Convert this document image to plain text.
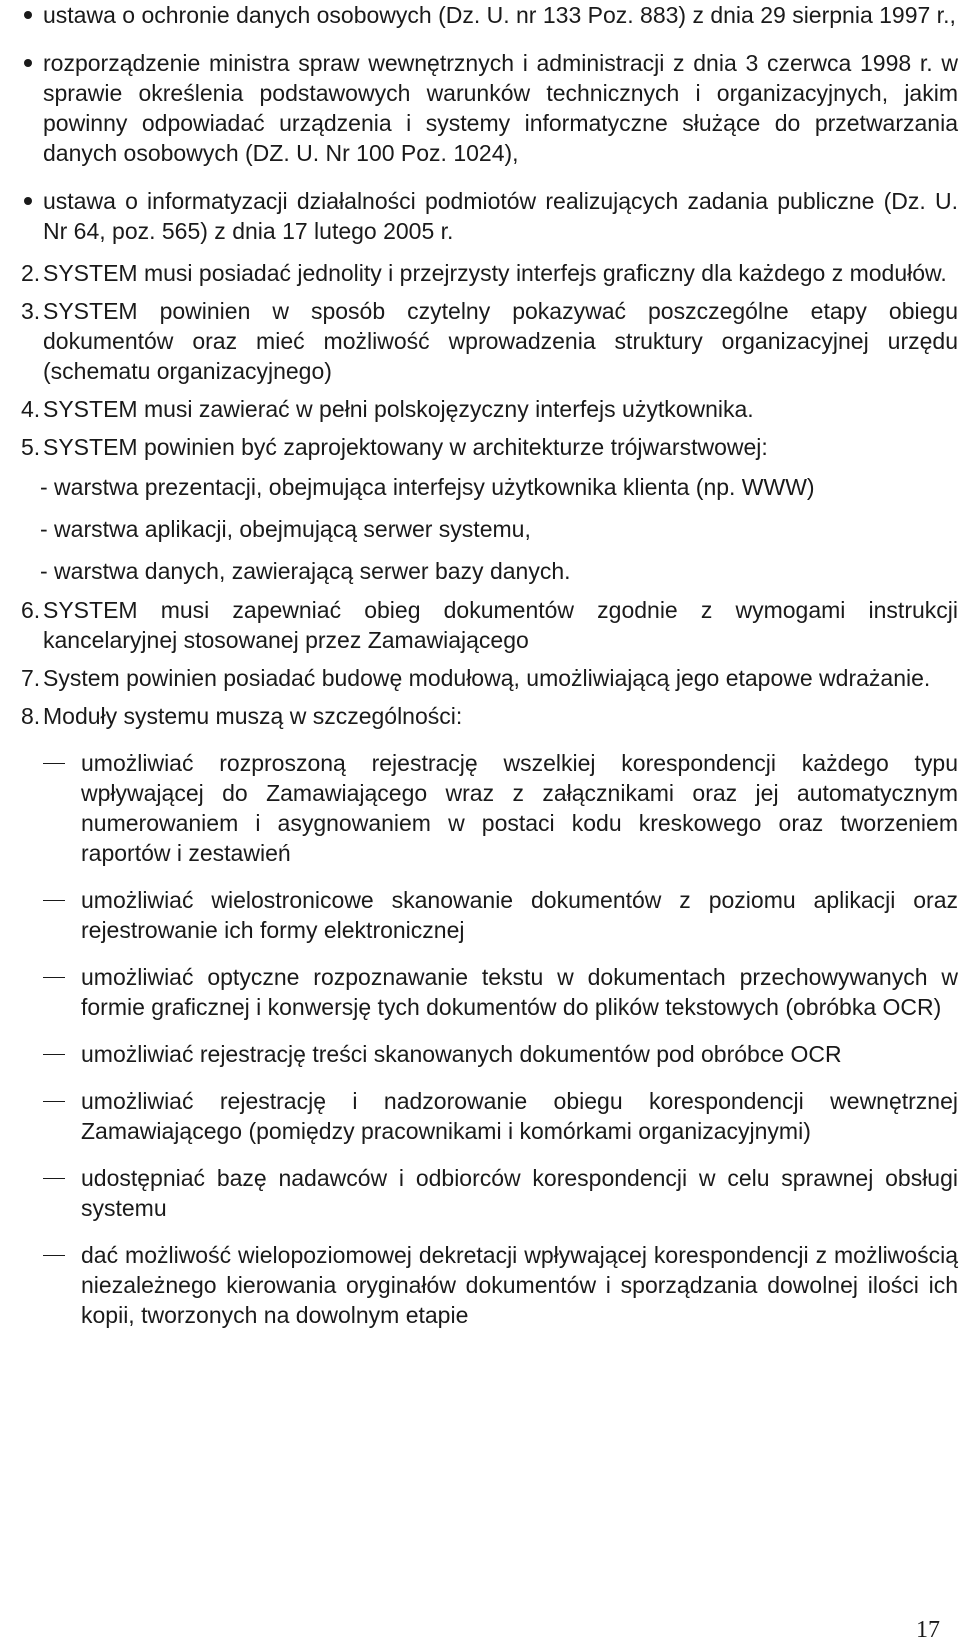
ustawa o ochronie danych osobowych (Dz. U. nr 133 Poz. 883) z dnia 29 sierpnia 1997 r.,

rozporządzenie ministra spraw wewnętrznych i administracji z dnia 3 czerwca 1998 r. w sprawie określenia podstawowych warunków technicznych i organizacyjnych, jakim powinny odpowiadać urządzenia i systemy informatyczne służące do przetwarzania danych osobowych (DZ. U. Nr 100 Poz. 1024),

ustawa o informatyzacji działalności podmiotów realizujących zadania publiczne (Dz. U. Nr 64, poz. 565) z dnia 17 lutego 2005 r.

2. SYSTEM musi posiadać jednolity i przejrzysty interfejs graficzny dla każdego z modułów.

3. SYSTEM powinien w sposób czytelny pokazywać poszczególne etapy obiegu dokumentów oraz mieć możliwość wprowadzenia struktury organizacyjnej urzędu (schematu organizacyjnego)

4. SYSTEM musi zawierać w pełni polskojęzyczny interfejs użytkownika.

5. SYSTEM powinien być zaprojektowany w architekturze trójwarstwowej:

- warstwa prezentacji, obejmująca interfejsy użytkownika klienta (np. WWW)

- warstwa aplikacji, obejmującą serwer systemu,

- warstwa danych, zawierającą serwer bazy danych.

6. SYSTEM musi zapewniać obieg dokumentów zgodnie z wymogami instrukcji kancelaryjnej stosowanej przez Zamawiającego

7. System powinien posiadać budowę modułową, umożliwiającą jego etapowe wdrażanie.

8. Moduły systemu muszą w szczególności:

umożliwiać rozproszoną rejestrację wszelkiej korespondencji każdego typu wpływającej do Zamawiającego wraz z załącznikami oraz jej automatycznym numerowaniem i asygnowaniem w postaci kodu kreskowego oraz tworzeniem raportów i zestawień

umożliwiać wielostronicowe skanowanie dokumentów z poziomu aplikacji oraz rejestrowanie ich formy elektronicznej

umożliwiać optyczne rozpoznawanie tekstu w dokumentach przechowywanych w formie graficznej i konwersję tych dokumentów do plików tekstowych (obróbka OCR)

umożliwiać rejestrację treści skanowanych dokumentów pod obróbce OCR

umożliwiać rejestrację i nadzorowanie obiegu korespondencji wewnętrznej Zamawiającego (pomiędzy pracownikami i komórkami organizacyjnymi)

udostępniać bazę nadawców i odbiorców korespondencji w celu sprawnej obsługi systemu

dać możliwość wielopoziomowej dekretacji wpływającej korespondencji z możliwością niezależnego kierowania oryginałów dokumentów i sporządzania dowolnej ilości ich kopii, tworzonych na dowolnym etapie

17
